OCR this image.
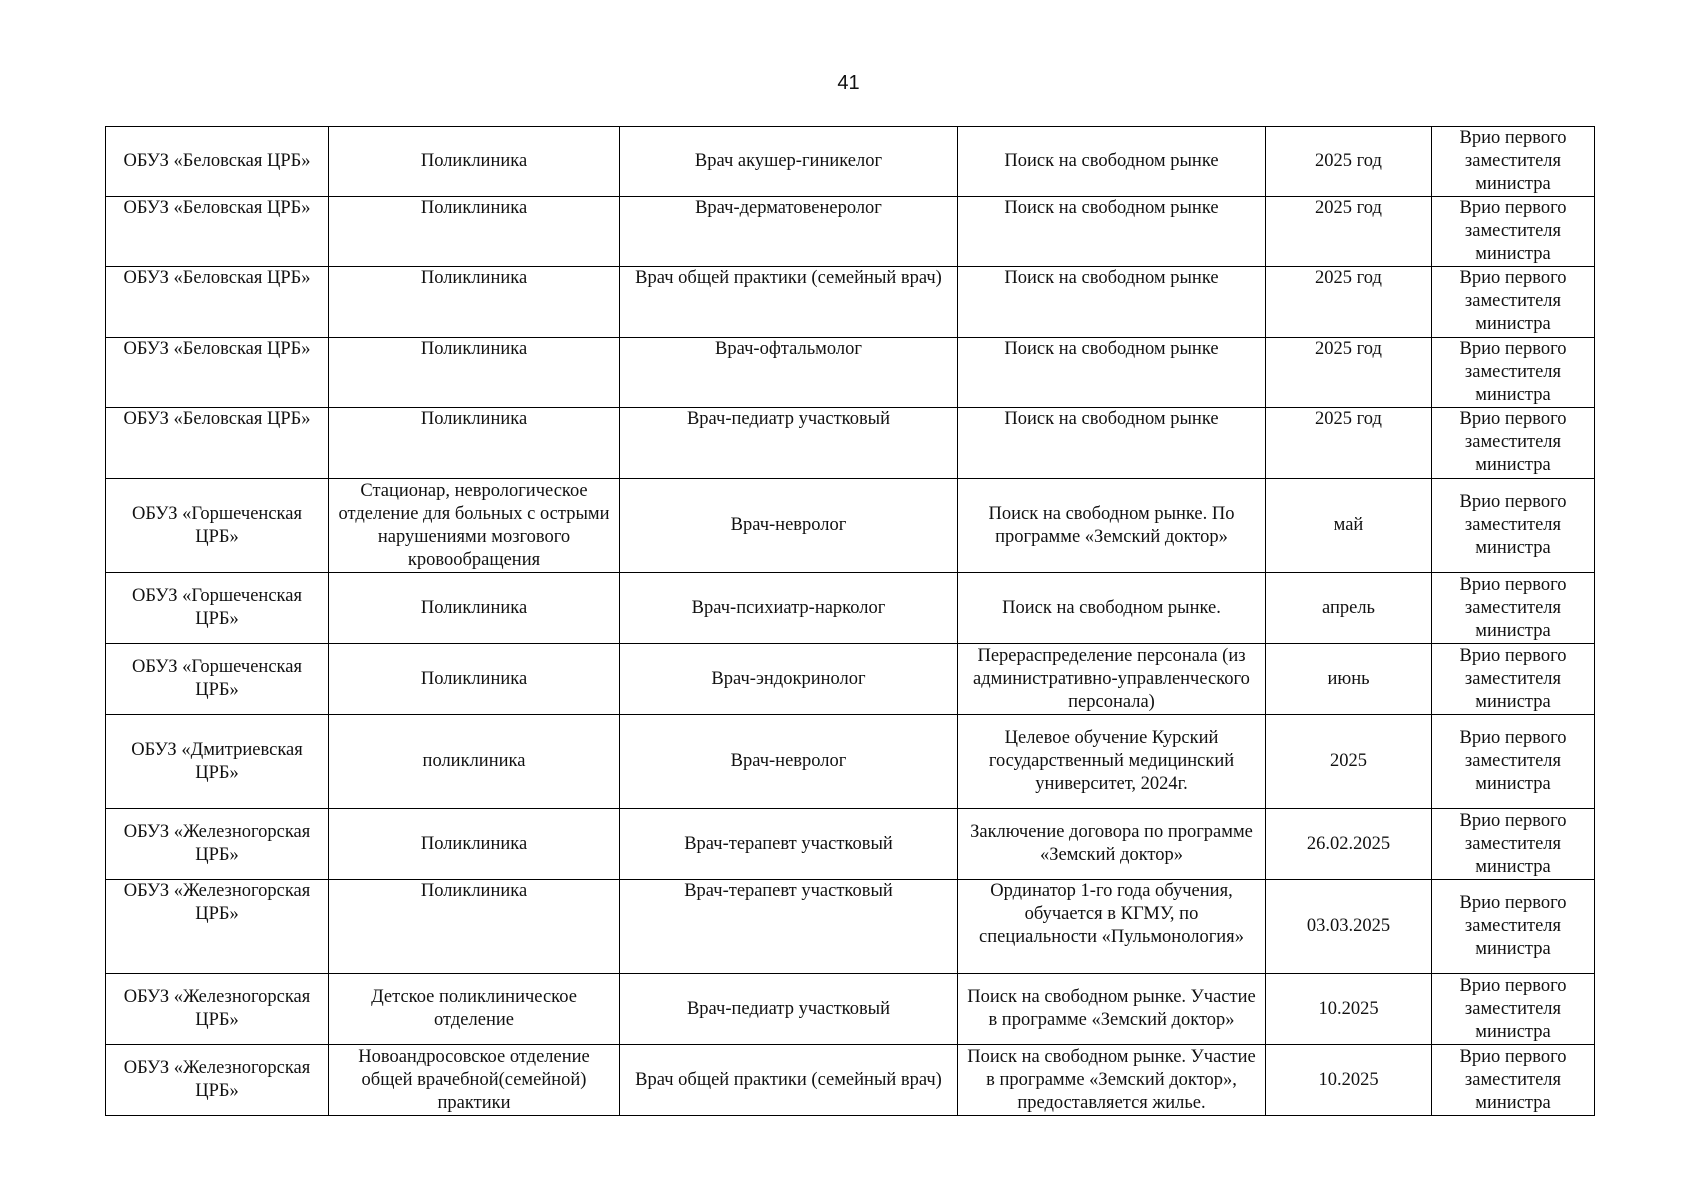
41
ОБУЗ «Беловская ЦРБ»	Поликлиника	Врач акушер-гиникелог	Поиск на свободном рынке	2025 год	Врио первого заместителя министра
ОБУЗ «Беловская ЦРБ»	Поликлиника	Врач-дерматовенеролог	Поиск на свободном рынке	2025 год	Врио первого заместителя министра
ОБУЗ «Беловская ЦРБ»	Поликлиника	Врач общей практики (семейный врач)	Поиск на свободном рынке	2025 год	Врио первого заместителя министра
ОБУЗ «Беловская ЦРБ»	Поликлиника	Врач-офтальмолог	Поиск на свободном рынке	2025 год	Врио первого заместителя министра
ОБУЗ «Беловская ЦРБ»	Поликлиника	Врач-педиатр участковый	Поиск на свободном рынке	2025 год	Врио первого заместителя министра
ОБУЗ «Горшеченская ЦРБ»	Стационар, неврологическое отделение для больных с острыми нарушениями мозгового кровообращения	Врач-невролог	Поиск на свободном рынке. По программе «Земский доктор»	май	Врио первого заместителя министра
ОБУЗ «Горшеченская ЦРБ»	Поликлиника	Врач-психиатр-нарколог	Поиск на свободном рынке.	апрель	Врио первого заместителя министра
ОБУЗ «Горшеченская ЦРБ»	Поликлиника	Врач-эндокринолог	Перераспределение персонала (из административно-управленческого персонала)	июнь	Врио первого заместителя министра
ОБУЗ «Дмитриевская ЦРБ»	поликлиника	Врач-невролог	Целевое обучение Курский государственный медицинский университет, 2024г.	2025	Врио первого заместителя министра
ОБУЗ «Железногорская ЦРБ»	Поликлиника	Врач-терапевт участковый	Заключение договора по программе «Земский доктор»	26.02.2025	Врио первого заместителя министра
ОБУЗ «Железногорская ЦРБ»	Поликлиника	Врач-терапевт участковый	Ординатор 1-го года обучения, обучается в КГМУ, по специальности «Пульмонология»	03.03.2025	Врио первого заместителя министра
ОБУЗ «Железногорская ЦРБ»	Детское поликлиническое отделение	Врач-педиатр участковый	Поиск на свободном рынке. Участие в программе «Земский доктор»	10.2025	Врио первого заместителя министра
ОБУЗ «Железногорская ЦРБ»	Новоандросовское отделение общей врачебной(семейной) практики	Врач общей практики (семейный врач)	Поиск на свободном рынке. Участие в программе «Земский доктор», предоставляется жилье.	10.2025	Врио первого заместителя министра
